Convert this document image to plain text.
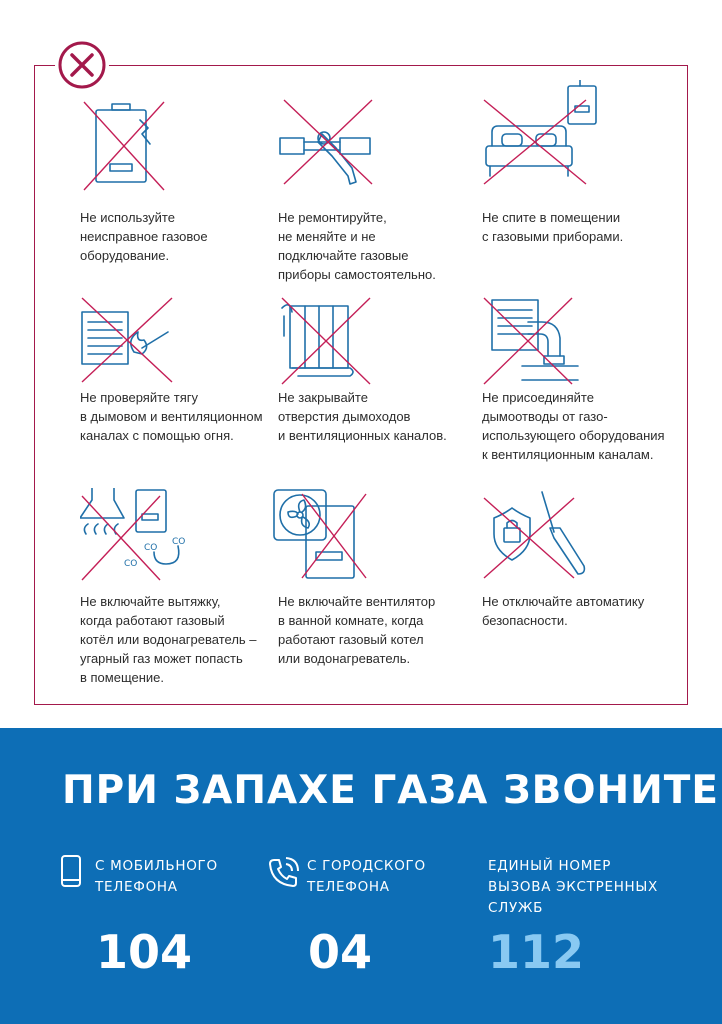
Не используйте
неисправное газовое
оборудование.
Не ремонтируйте,
не меняйте и не
подключайте газовые
приборы самостоятельно.
Не спите в помещении
с газовыми приборами.
Не проверяйте тягу
в дымовом и вентиляционном
каналах с помощью огня.
Не закрывайте
отверстия дымоходов
и вентиляционных каналов.
Не присоединяйте
дымоотводы от газо-
использующего оборудования
к вентиляционным каналам.
CO
CO
CO
Не включайте вытяжку,
когда работают газовый
котёл или водонагреватель –
угарный газ может попасть
в помещение.
Не включайте вентилятор
в ванной комнате, когда
работают газовый котел
или водонагреватель.
Не отключайте автоматику
безопасности.
ПРИ ЗАПАХЕ ГАЗА ЗВОНИТЕ
С МОБИЛЬНОГО
ТЕЛЕФОНА
104
С ГОРОДСКОГО
ТЕЛЕФОНА
04
ЕДИНЫЙ НОМЕР
ВЫЗОВА ЭКСТРЕННЫХ
СЛУЖБ
112
